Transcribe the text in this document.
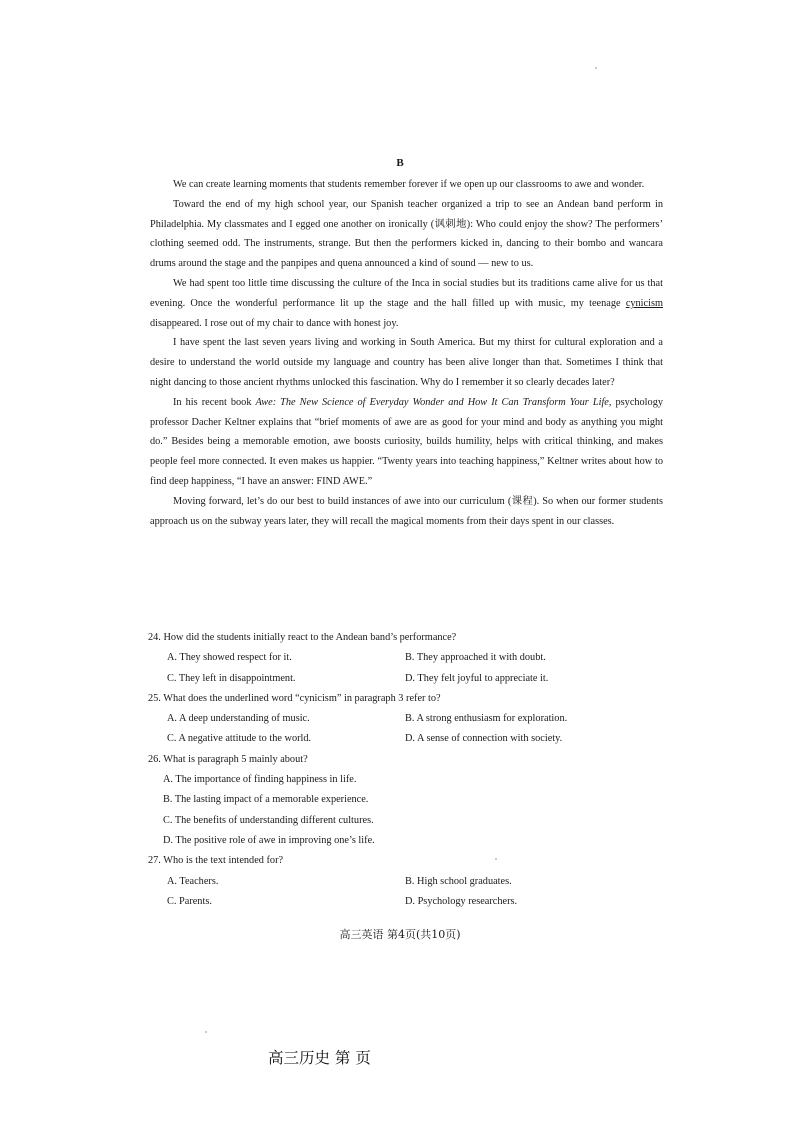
B

We can create learning moments that students remember forever if we open up our classrooms to awe and wonder.

Toward the end of my high school year, our Spanish teacher organized a trip to see an Andean band perform in Philadelphia. My classmates and I egged one another on ironically (讽刺地): Who could enjoy the show? The performers’ clothing seemed odd. The instruments, strange. But then the performers kicked in, dancing to their bombo and wancara drums around the stage and the panpipes and quena announced a kind of sound — new to us.

We had spent too little time discussing the culture of the Inca in social studies but its traditions came alive for us that evening. Once the wonderful performance lit up the stage and the hall filled up with music, my teenage cynicism disappeared. I rose out of my chair to dance with honest joy.

I have spent the last seven years living and working in South America. But my thirst for cultural exploration and a desire to understand the world outside my language and country has been alive longer than that. Sometimes I think that night dancing to those ancient rhythms unlocked this fascination. Why do I remember it so clearly decades later?

In his recent book Awe: The New Science of Everyday Wonder and How It Can Transform Your Life, psychology professor Dacher Keltner explains that “brief moments of awe are as good for your mind and body as anything you might do.” Besides being a memorable emotion, awe boosts curiosity, builds humility, helps with critical thinking, and makes people feel more connected. It even makes us happier. “Twenty years into teaching happiness,” Keltner writes about how to find deep happiness, “I have an answer: FIND AWE.”

Moving forward, let’s do our best to build instances of awe into our curriculum (课程). So when our former students approach us on the subway years later, they will recall the magical moments from their days spent in our classes.

24. How did the students initially react to the Andean band’s performance?

A. They showed respect for it.	B. They approached it with doubt.
C. They left in disappointment.	D. They felt joyful to appreciate it.

25. What does the underlined word “cynicism” in paragraph 3 refer to?

A. A deep understanding of music.	B. A strong enthusiasm for exploration.
C. A negative attitude to the world.	D. A sense of connection with society.

26. What is paragraph 5 mainly about?

A. The importance of finding happiness in life.

B. The lasting impact of a memorable experience.

C. The benefits of understanding different cultures.

D. The positive role of awe in improving one’s life.

27. Who is the text intended for?

A. Teachers.	B. High school graduates.
C. Parents.	D. Psychology researchers.
高三英语 第4页(共10页)
高三历史 第 页
